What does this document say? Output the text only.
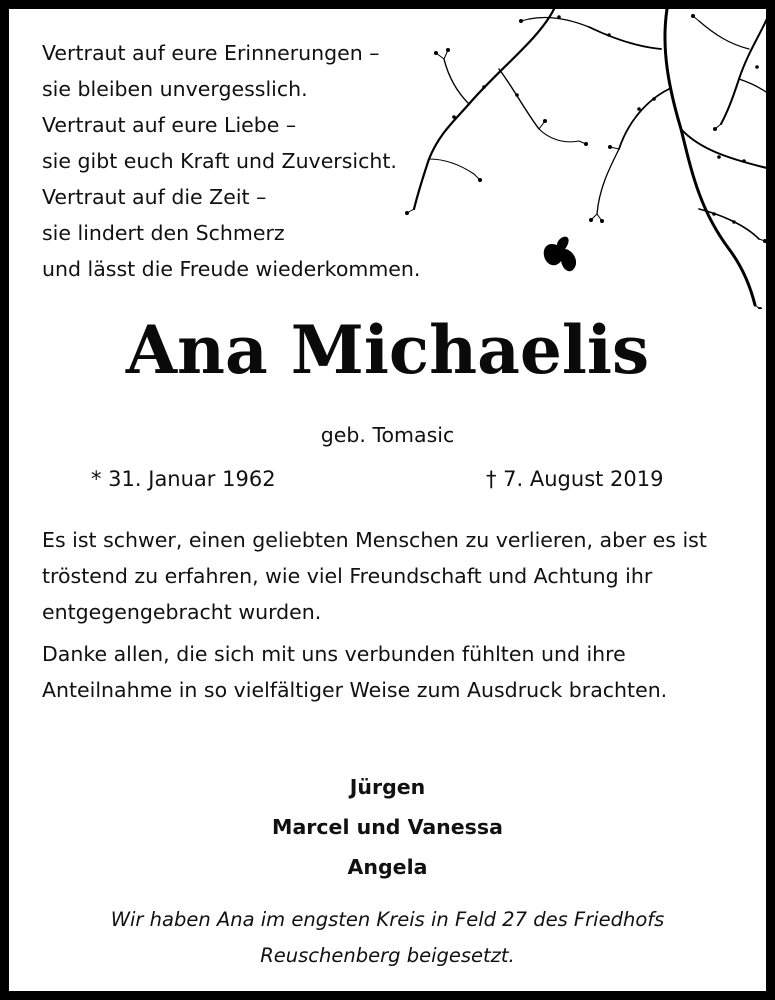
Vertraut auf eure Erinnerungen –
sie bleiben unvergesslich.
Vertraut auf eure Liebe –
sie gibt euch Kraft und Zuversicht.
Vertraut auf die Zeit –
sie lindert den Schmerz
und lässt die Freude wiederkommen.
Ana Michaelis
geb. Tomasic
* 31. Januar 1962	† 7. August 2019

Es ist schwer, einen geliebten Menschen zu verlieren, aber es ist tröstend zu erfahren, wie viel Freundschaft und Achtung ihr entgegengebracht wurden.

Danke allen, die sich mit uns verbunden fühlten und ihre Anteilnahme in so vielfältiger Weise zum Ausdruck brachten.

Jürgen
Marcel und Vanessa
Angela
Wir haben Ana im engsten Kreis in Feld 27 des Friedhofs
Reuschenberg beigesetzt.
